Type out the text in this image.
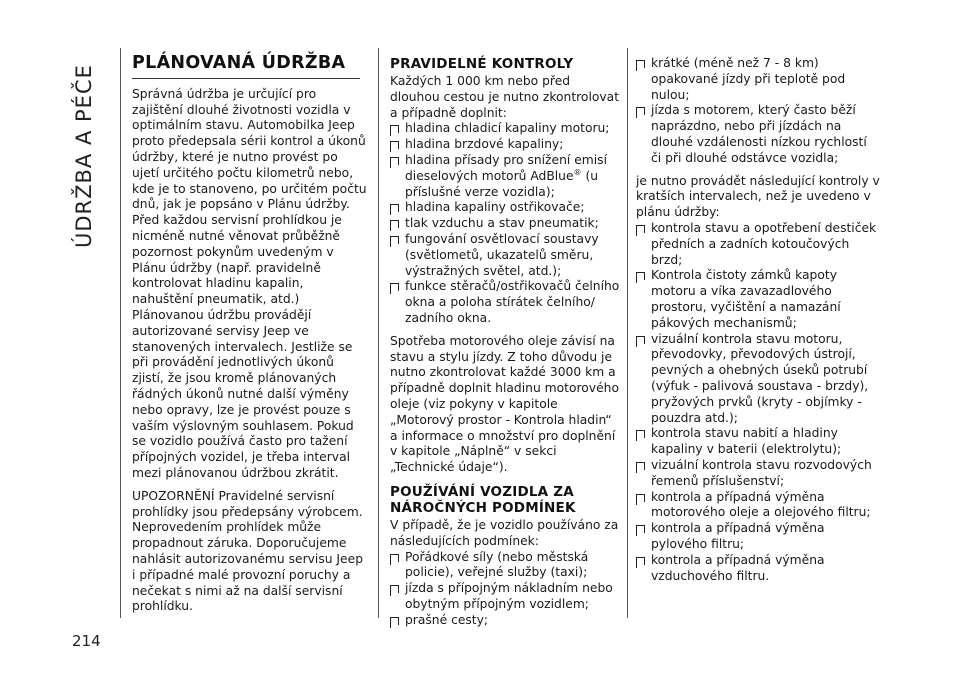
ÚDRŽBA A PÉČE
PLÁNOVANÁ ÚDRŽBA

Správná údržba je určující pro zajištění dlouhé životnosti vozidla v optimálním stavu. Automobilka Jeep proto předepsala sérii kontrol a úkonů údržby, které je nutno provést po ujetí určitého počtu kilometrů nebo, kde je to stanoveno, po určitém počtu dnů, jak je popsáno v Plánu údržby.

Před každou servisní prohlídkou je nicméně nutné věnovat průběžně pozornost pokynům uvedeným v Plánu údržby (např. pravidelně kontrolovat hladinu kapalin, nahuštění pneumatik, atd.)

Plánovanou údržbu provádějí autorizované servisy Jeep ve stanovených intervalech. Jestliže se při provádění jednotlivých úkonů zjistí, že jsou kromě plánovaných řádných úkonů nutné další výměny nebo opravy, lze je provést pouze s vaším výslovným souhlasem. Pokud se vozidlo používá často pro tažení přípojných vozidel, je třeba interval mezi plánovanou údržbou zkrátit.

UPOZORNĚNÍ Pravidelné servisní prohlídky jsou předepsány výrobcem. Neprovedením prohlídek může propadnout záruka. Doporučujeme nahlásit autorizovanému servisu Jeep i případné malé provozní poruchy a nečekat s nimi až na další servisní prohlídku.

PRAVIDELNÉ KONTROLY

Každých 1 000 km nebo před dlouhou cestou je nutno zkontrolovat a případně doplnit:

hladina chladicí kapaliny motoru;
hladina brzdové kapaliny;
hladina přísady pro snížení emisí dieselových motorů AdBlue® (u příslušné verze vozidla);
hladina kapaliny ostřikovače;
tlak vzduchu a stav pneumatik;
fungování osvětlovací soustavy (světlometů, ukazatelů směru, výstražných světel, atd.);
funkce stěračů/ostřikovačů čelního okna a poloha stírátek čelního/ zadního okna.

Spotřeba motorového oleje závisí na stavu a stylu jízdy. Z toho důvodu je nutno zkontrolovat každé 3000 km a případně doplnit hladinu motorového oleje (viz pokyny v kapitole „Motorový prostor - Kontrola hladin“ a informace o množství pro doplnění v kapitole „Náplně“ v sekci „Technické údaje“).

POUŽÍVÁNÍ VOZIDLA ZA NÁROČNÝCH PODMÍNEK

V případě, že je vozidlo používáno za následujících podmínek:

Pořádkové síly (nebo městská policie), veřejné služby (taxi);
jízda s přípojným nákladním nebo obytným přípojným vozidlem;
prašné cesty;
krátké (méně než 7 - 8 km) opakované jízdy při teplotě pod nulou;
jízda s motorem, který často běží naprázdno, nebo při jízdách na dlouhé vzdálenosti nízkou rychlostí či při dlouhé odstávce vozidla;

je nutno provádět následující kontroly v kratších intervalech, než je uvedeno v plánu údržby:

kontrola stavu a opotřebení destiček předních a zadních kotoučových brzd;
Kontrola čistoty zámků kapoty motoru a víka zavazadlového prostoru, vyčištění a namazání pákových mechanismů;
vizuální kontrola stavu motoru, převodovky, převodových ústrojí, pevných a ohebných úseků potrubí (výfuk - palivová soustava - brzdy), pryžových prvků (kryty - objímky - pouzdra atd.);
kontrola stavu nabití a hladiny kapaliny v baterii (elektrolytu);
vizuální kontrola stavu rozvodových řemenů příslušenství;
kontrola a případná výměna motorového oleje a olejového filtru;
kontrola a případná výměna pylového filtru;
kontrola a případná výměna vzduchového filtru.
214
